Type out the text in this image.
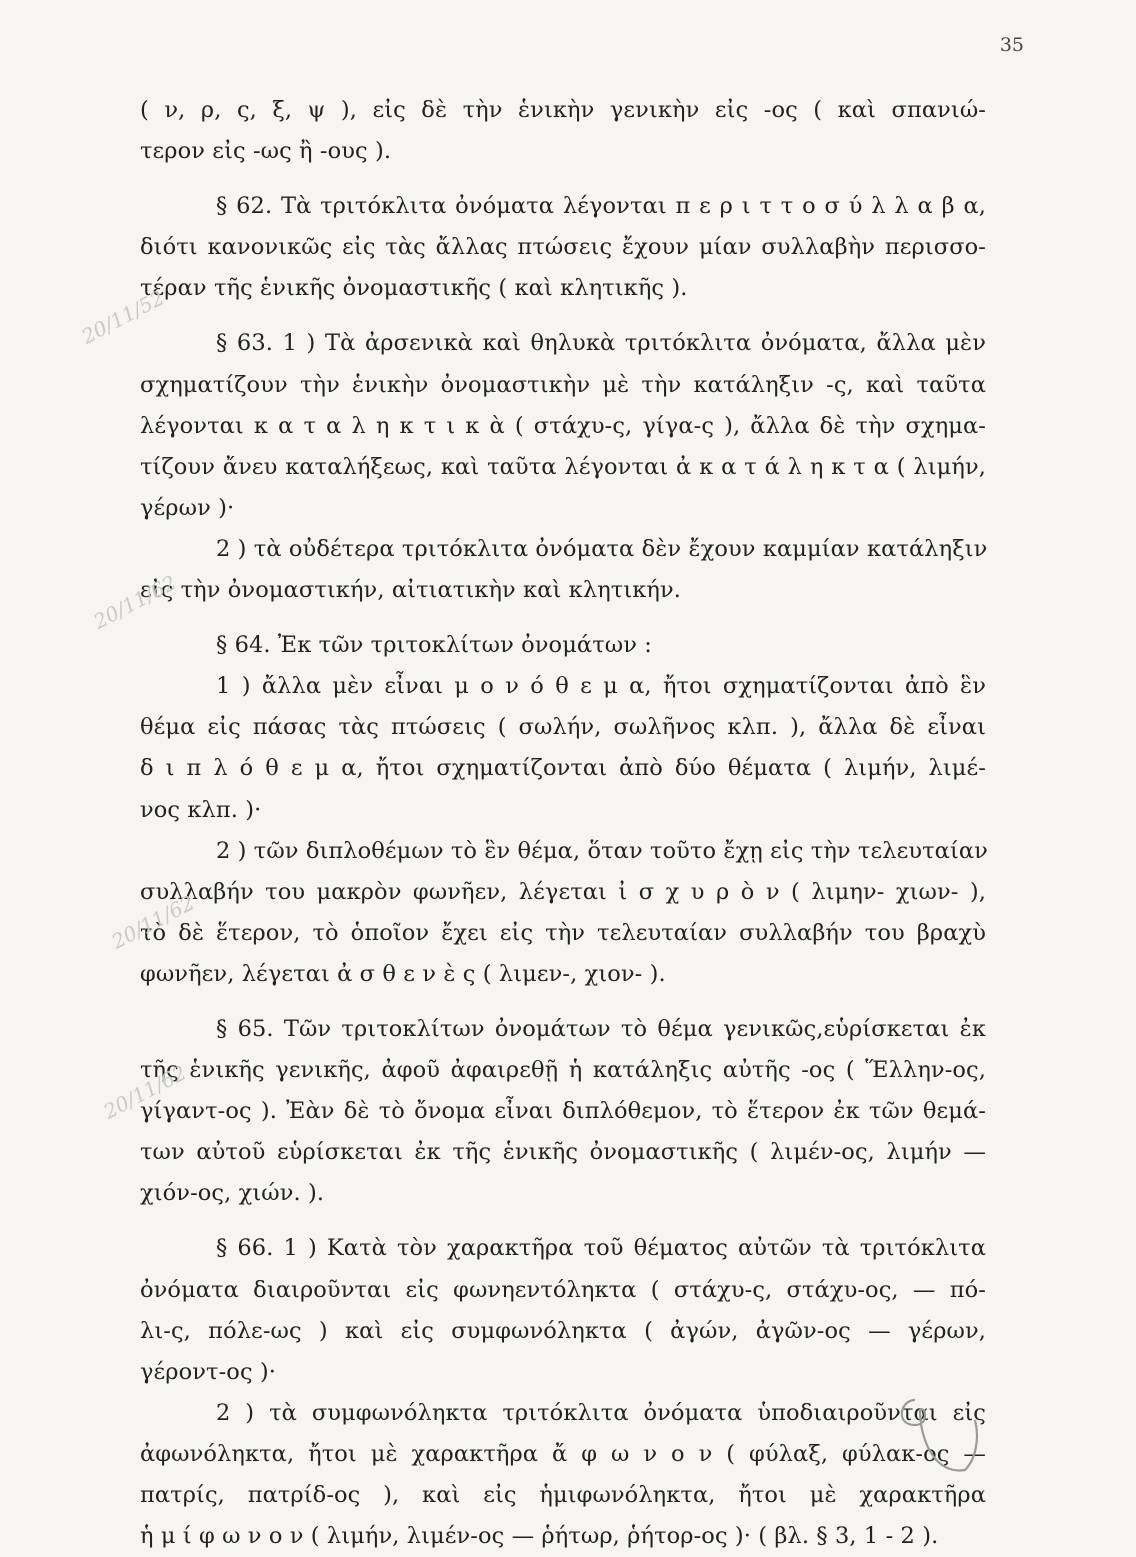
35
( ν, ρ, ς, ξ, ψ ), εἰς δὲ τὴν ἑνικὴν γενικὴν εἰς -ος ( καὶ σπανιώ-
τερον εἰς -ως ἢ -ους ).
§ 62. Τὰ τριτόκλιτα ὀνόματα λέγονται π ε ρ ι τ τ ο σ ύ λ λ α β α,
διότι κανονικῶς εἰς τὰς ἄλλας πτώσεις ἔχουν μίαν συλλαβὴν περισσο-
τέραν τῆς ἑνικῆς ὀνομαστικῆς ( καὶ κλητικῆς ).
§ 63. 1 ) Τὰ ἀρσενικὰ καὶ θηλυκὰ τριτόκλιτα ὀνόματα, ἄλλα μὲν
σχηματίζουν τὴν ἑνικὴν ὀνομαστικὴν μὲ τὴν κατάληξιν -ς, καὶ ταῦτα
λέγονται κ α τ α λ η κ τ ι κ ὰ ( στάχυ-ς, γίγα-ς ), ἄλλα δὲ τὴν σχημα-
τίζουν ἄνευ καταλήξεως, καὶ ταῦτα λέγονται ἀ κ α τ ά λ η κ τ α ( λιμήν,
γέρων )·
2 ) τὰ οὐδέτερα τριτόκλιτα ὀνόματα δὲν ἔχουν καμμίαν κατάληξιν
εἰς τὴν ὀνομαστικήν, αἰτιατικὴν καὶ κλητικήν.
§ 64. Ἐκ τῶν τριτοκλίτων ὀνομάτων :
1 ) ἄλλα μὲν εἶναι μ ο ν ό θ ε μ α, ἤτοι σχηματίζονται ἀπὸ ἓν
θέμα εἰς πάσας τὰς πτώσεις ( σωλήν, σωλῆνος κλπ. ), ἄλλα δὲ εἶναι
δ ι π λ ό θ ε μ α, ἤτοι σχηματίζονται ἀπὸ δύο θέματα ( λιμήν, λιμέ-
νος κλπ. )·
2 ) τῶν διπλοθέμων τὸ ἓν θέμα, ὅταν τοῦτο ἔχῃ εἰς τὴν τελευταίαν
συλλαβήν του μακρὸν φωνῆεν, λέγεται ἰ σ χ υ ρ ὸ ν ( λιμην- χιων- ),
τὸ δὲ ἕτερον, τὸ ὁποῖον ἔχει εἰς τὴν τελευταίαν συλλαβήν του βραχὺ
φωνῆεν, λέγεται ἀ σ θ ε ν ὲ ς ( λιμεν-, χιον- ).
§ 65. Τῶν τριτοκλίτων ὀνομάτων τὸ θέμα γενικῶς,εὑρίσκεται ἐκ
τῆς ἑνικῆς γενικῆς, ἀφοῦ ἀφαιρεθῇ ἡ κατάληξις αὐτῆς -ος ( Ἕλλην-ος,
γίγαντ-ος ). Ἐὰν δὲ τὸ ὄνομα εἶναι διπλόθεμον, τὸ ἕτερον ἐκ τῶν θεμά-
των αὐτοῦ εὑρίσκεται ἐκ τῆς ἑνικῆς ὀνομαστικῆς ( λιμέν-ος, λιμήν —
χιόν-ος, χιών. ).
§ 66. 1 ) Κατὰ τὸν χαρακτῆρα τοῦ θέματος αὐτῶν τὰ τριτόκλιτα
ὀνόματα διαιροῦνται εἰς φωνηεντόληκτα ( στάχυ-ς, στάχυ-ος, — πό-
λι-ς, πόλε-ως ) καὶ εἰς συμφωνόληκτα ( ἀγών, ἀγῶν-ος — γέρων,
γέροντ-ος )·
2 ) τὰ συμφωνόληκτα τριτόκλιτα ὀνόματα ὑποδιαιροῦνται εἰς
ἀφωνόληκτα, ἤτοι μὲ χαρακτῆρα ἄ φ ω ν ο ν ( φύλαξ, φύλακ-ος —
πατρίς, πατρίδ-ος ), καὶ εἰς ἡμιφωνόληκτα, ἤτοι μὲ χαρακτῆρα
ἡ μ ί φ ω ν ο ν ( λιμήν, λιμέν-ος — ῥήτωρ, ῥήτορ-ος )· ( βλ. § 3, 1 - 2 ).
20/11/52
20/11/62
20/11/62
20/11/62
